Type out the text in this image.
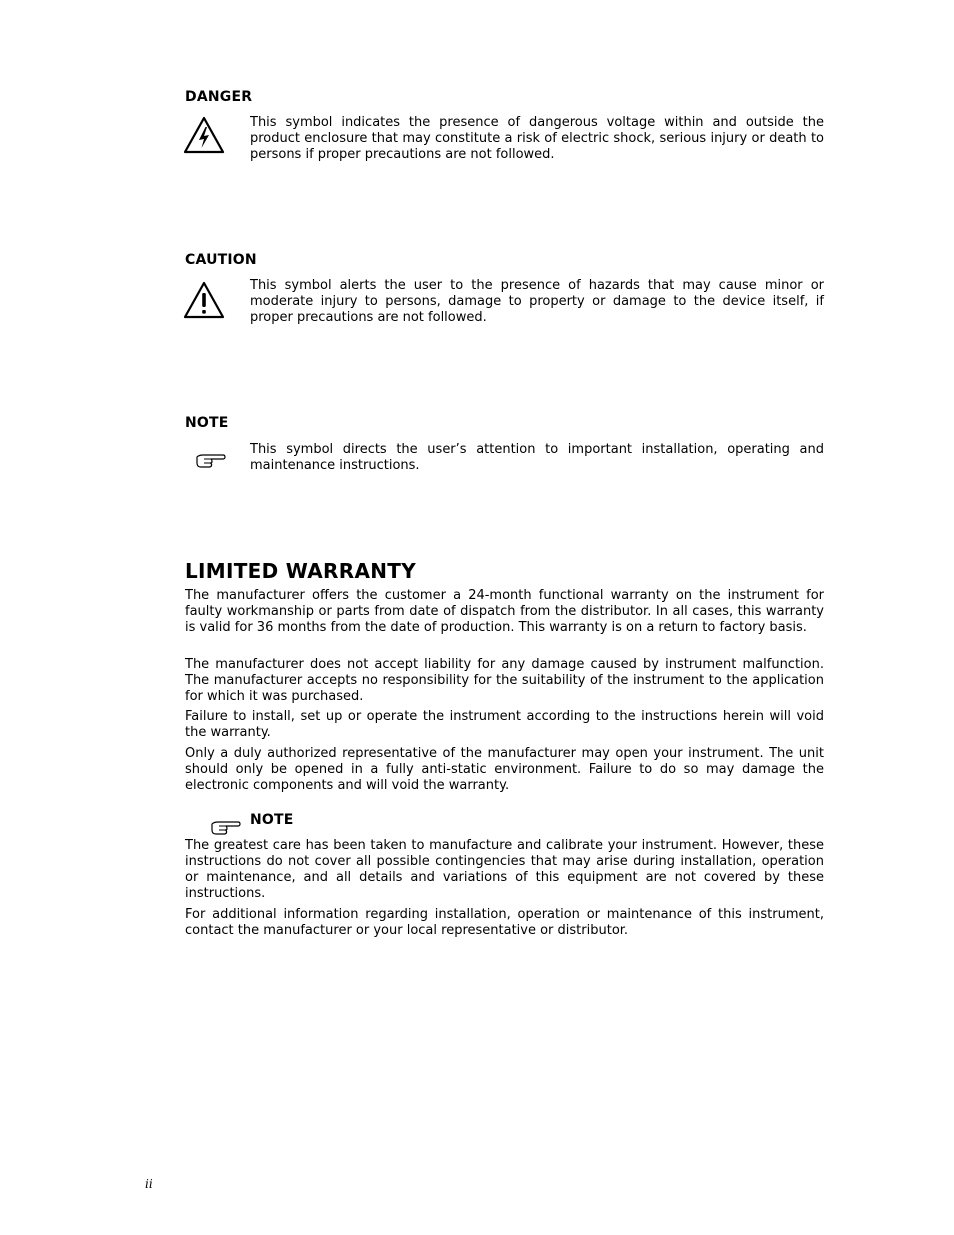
DANGER

This symbol indicates the presence of dangerous voltage within and outside the product enclosure that may constitute a risk of electric shock, serious injury or death to persons if proper precautions are not followed.

CAUTION

This symbol alerts the user to the presence of hazards that may cause minor or moderate injury to persons, damage to property or damage to the device itself, if proper precautions are not followed.

NOTE

This symbol directs the user’s attention to important installation, operating and maintenance instructions.

LIMITED WARRANTY

The manufacturer offers the customer a 24-month functional warranty on the instrument for faulty workmanship or parts from date of dispatch from the distributor. In all cases, this warranty is valid for 36 months from the date of production. This warranty is on a return to factory basis.

The manufacturer does not accept liability for any damage caused by instrument malfunction. The manufacturer accepts no responsibility for the suitability of the instrument to the application for which it was purchased.

Failure to install, set up or operate the instrument according to the instructions herein will void the warranty.

Only a duly authorized representative of the manufacturer may open your instrument. The unit should only be opened in a fully anti-static environment. Failure to do so may damage the electronic components and will void the warranty.

NOTE

The greatest care has been taken to manufacture and calibrate your instrument. However, these instructions do not cover all possible contingencies that may arise during installation, operation or maintenance, and all details and variations of this equipment are not covered by these instructions.

For additional information regarding installation, operation or maintenance of this instrument, contact the manufacturer or your local representative or distributor.

ii
